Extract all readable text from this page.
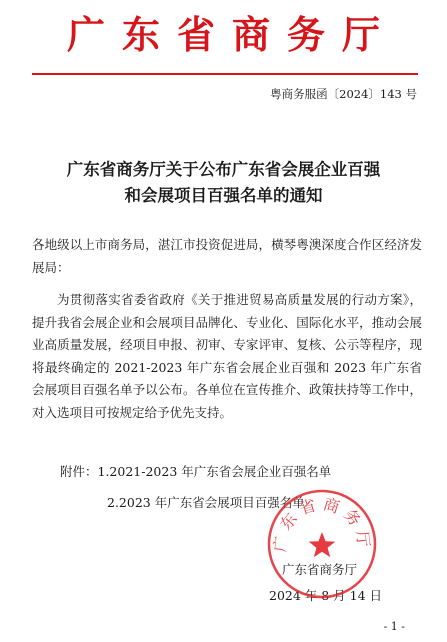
广东省商务厅
粤商务服函〔2024〕143 号
广东省商务厅关于公布广东省会展企业百强
和会展项目百强名单的通知
各地级以上市商务局，湛江市投资促进局，横琴粤澳深度合作区经济发展局：
为贯彻落实省委省政府《关于推进贸易高质量发展的行动方案》，提升我省会展企业和会展项目品牌化、专业化、国际化水平，推动会展业高质量发展，经项目申报、初审、专家评审、复核、公示等程序，现将最终确定的 2021-2023 年广东省会展企业百强和 2023 年广东省会展项目百强名单予以公布。各单位在宣传推介、政策扶持等工作中，对入选项目可按规定给予优先支持。
附件：1.2021-2023 年广东省会展企业百强名单
2.2023 年广东省会展项目百强名单
广东省商务厅
2024 年 8 月 14 日
广东省商务厅
- 1 -
